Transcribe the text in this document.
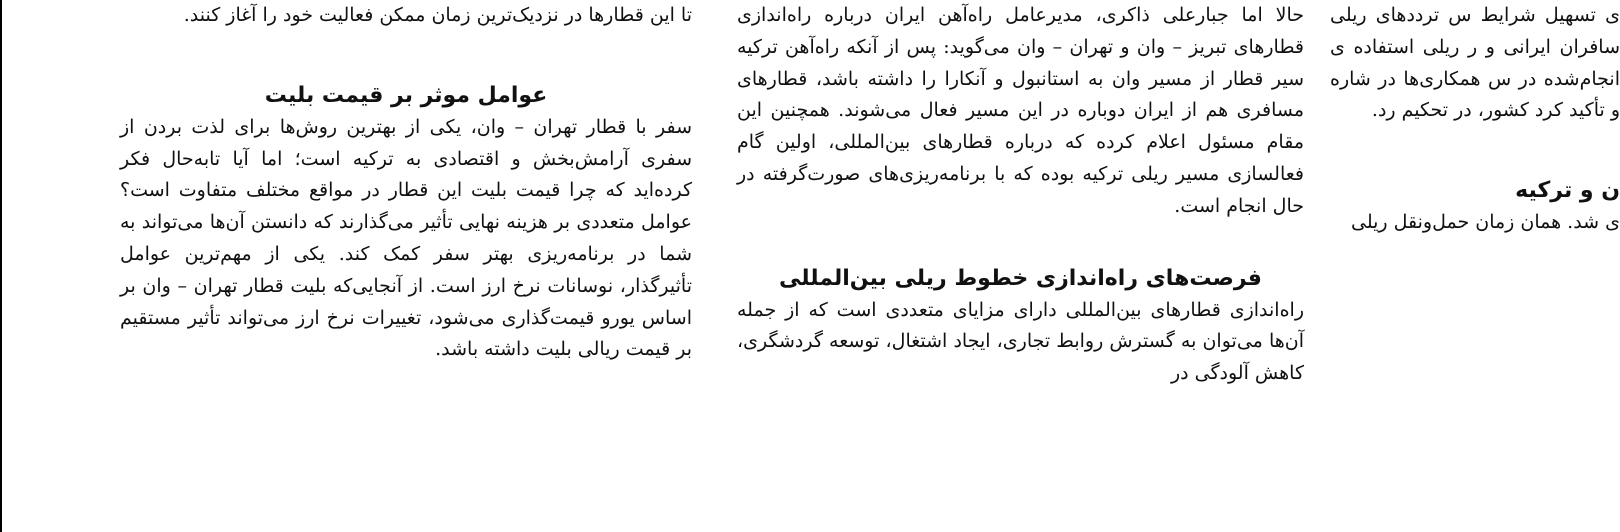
تا این قطارها در نزدیک‌ترین زمان ممکن فعالیت خود را آغاز کنند.

عوامل موثر بر قیمت بلیت

سفر با قطار تهران – وان، یکی از بهترین روش‌ها برای لذت بردن از سفری آرامش‌بخش و اقتصادی به ترکیه است؛ اما آیا تا‌به‌حال فکر کرده‌اید که چرا قیمت بلیت این قطار در مواقع مختلف متفاوت است؟ عوامل متعددی بر هزینه نهایی تأثیر می‌گذارند که دانستن آن‌ها می‌تواند به شما در برنامه‌ریزی بهتر سفر کمک کند. یکی از مهم‌ترین عوامل تأثیرگذار، نوسانات نرخ ارز است. از آنجایی‌که بلیت قطار تهران – وان بر اساس یورو قیمت‌گذاری می‌شود، تغییرات نرخ ارز می‌تواند تأثیر مستقیم بر قیمت ریالی بلیت داشته باشد.

حالا اما جبارعلی ذاکری، مدیرعامل راه‌آهن ایران درباره راه‌اندازی قطارهای تبریز – وان و تهران – وان می‌گوید: پس از آنکه راه‌آهن ترکیه سیر قطار از مسیر وان به استانبول و آنکارا را داشته باشد، قطارهای مسافری هم از ایران دوباره در این مسیر فعال می‌شوند. همچنین این مقام مسئول اعلام کرده که درباره قطارهای بین‌المللی، اولین گام فعالسازی مسیر ریلی ترکیه بوده که با برنامه‌ریزی‌های صورت‌گرفته در حال انجام است.

فرصت‌های راه‌اندازی خطوط ریلی بین‌المللی

راه‌اندازی قطارهای بین‌المللی دارای مزایای متعددی است که از جمله آن‌ها می‌توان به گسترش روابط تجاری، ایجاد اشتغال، توسعه گردشگری، کاهش آلودگی در

ی تسهیل شرایط س ترددهای ریلی سافران ایرانی و ر ریلی استفاده ی انجام‌شده در س همکاری‌ها در شاره و تأکید کرد کشور، در تحکیم رد.

ن و ترکیه

ی شد. همان زمان حمل‌ونقل ریلی
